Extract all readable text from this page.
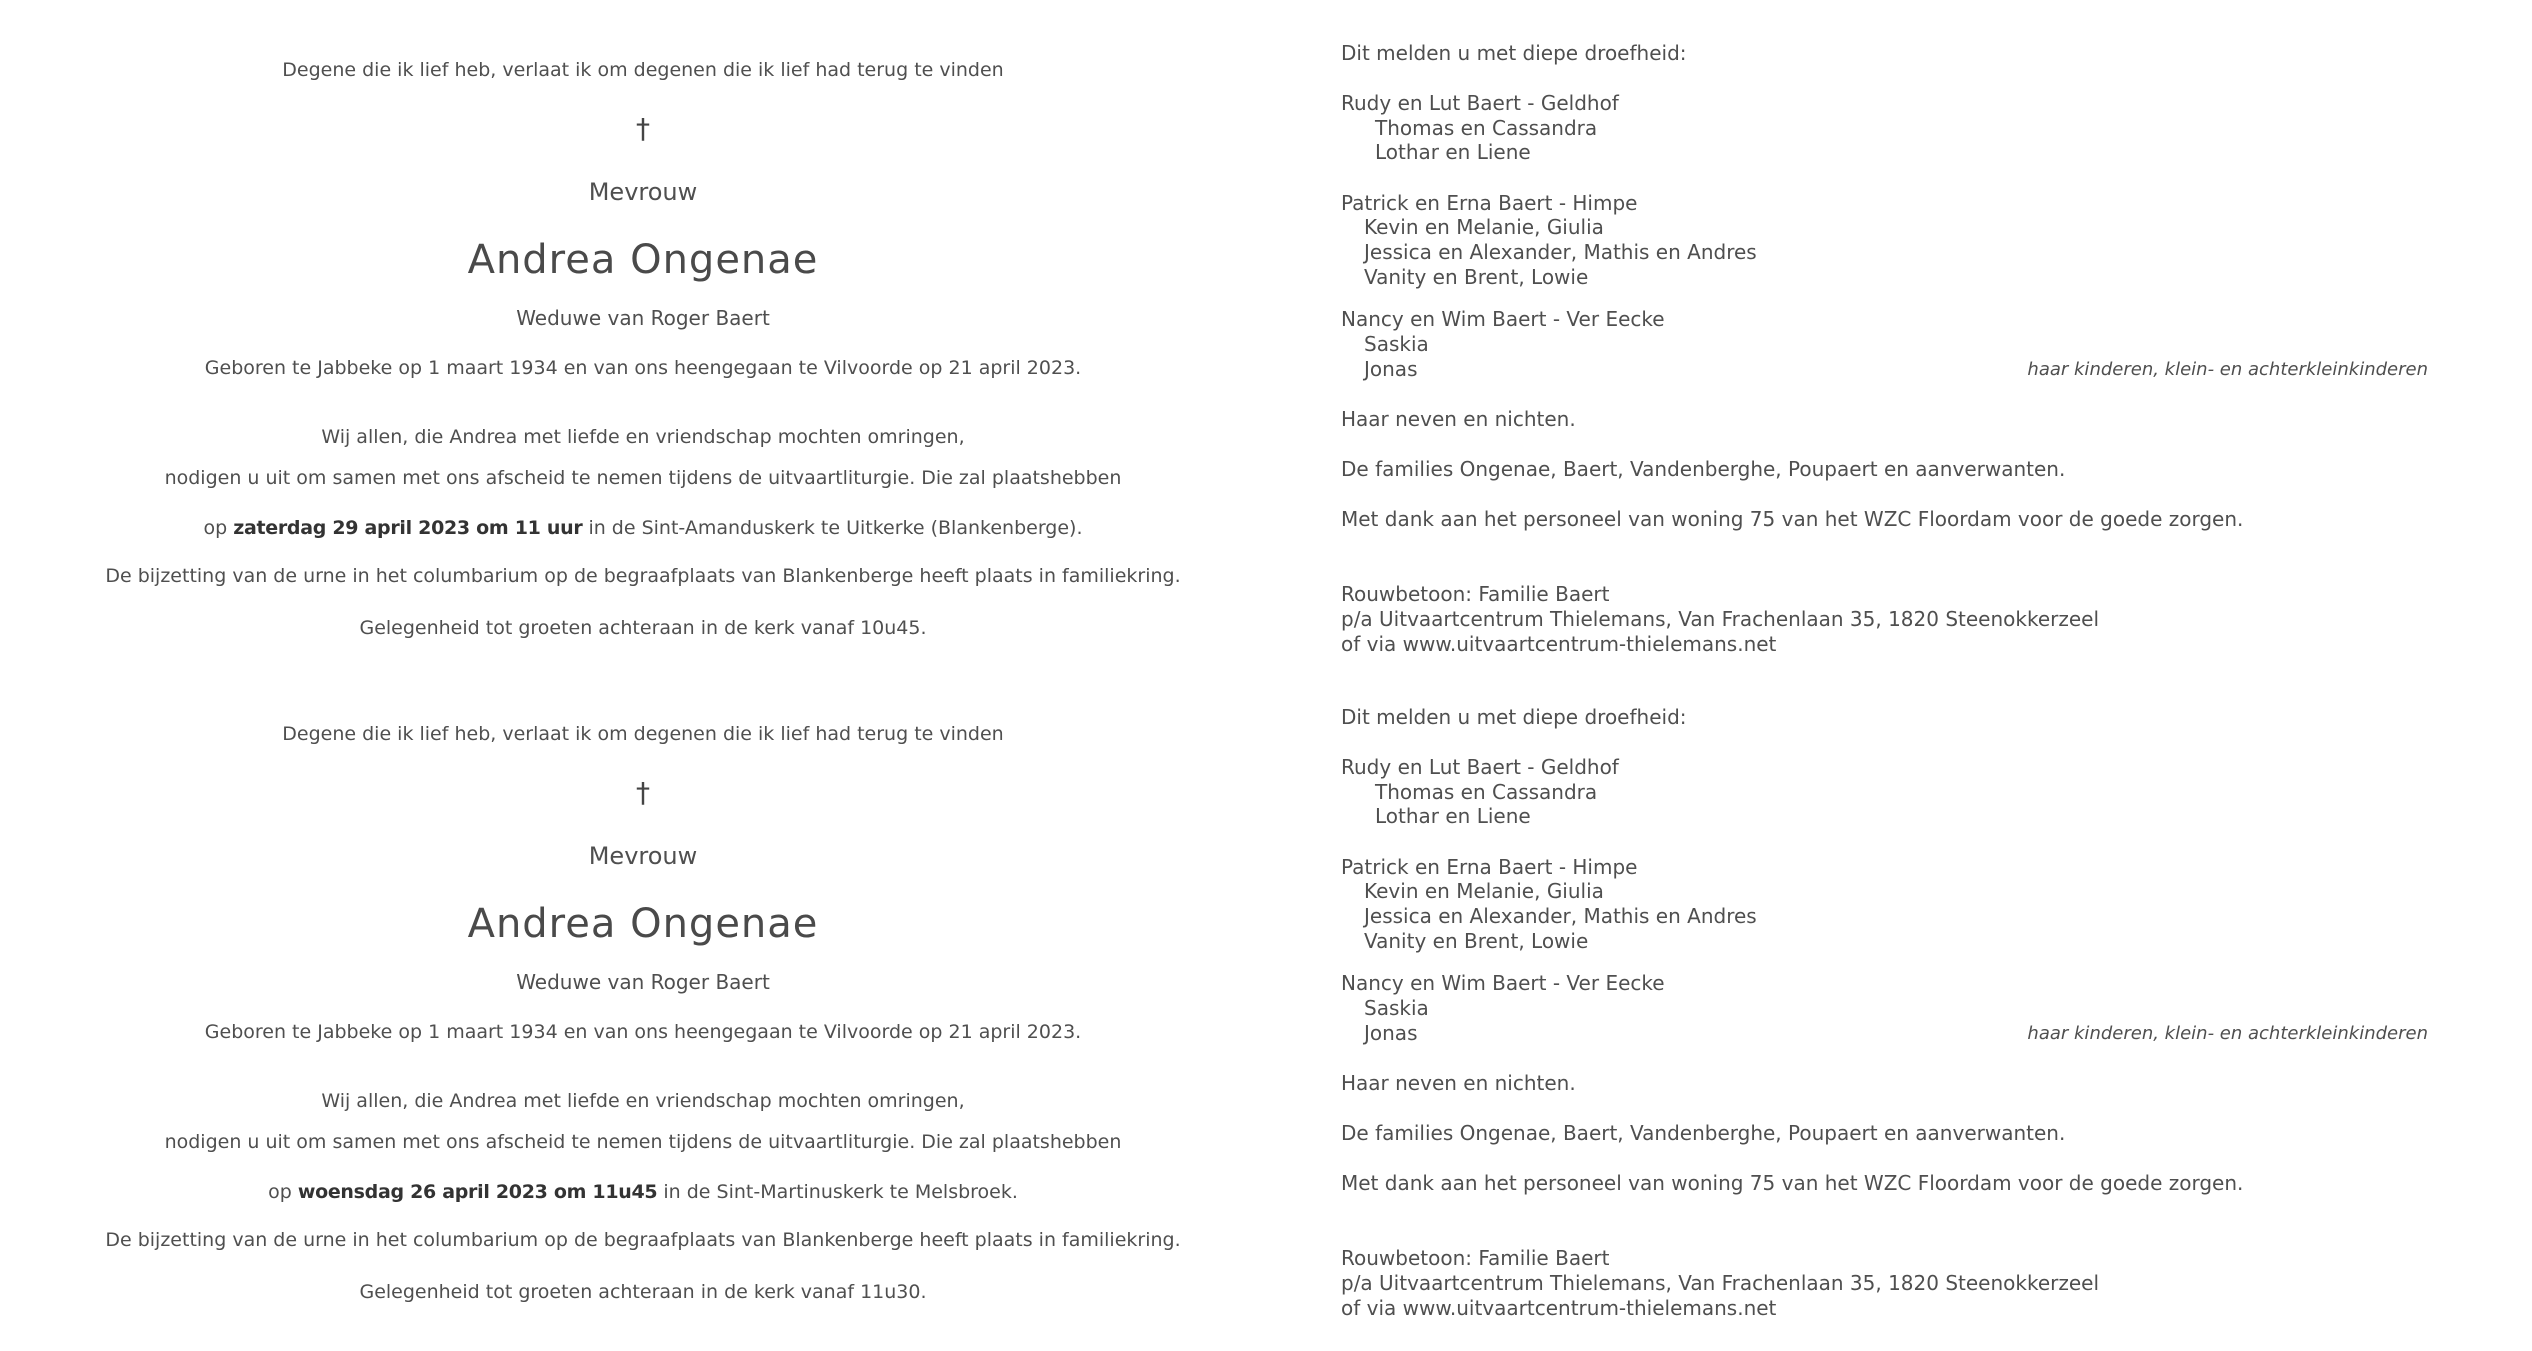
Degene die ik lief heb, verlaat ik om degenen die ik lief had terug te vinden
†
Mevrouw
Andrea Ongenae
Weduwe van Roger Baert
Geboren te Jabbeke op 1 maart 1934 en van ons heengegaan te Vilvoorde op 21 april 2023.
Wij allen, die Andrea met liefde en vriendschap mochten omringen,
nodigen u uit om samen met ons afscheid te nemen tijdens de uitvaartliturgie. Die zal plaatshebben
op zaterdag 29 april 2023 om 11 uur in de Sint-Amanduskerk te Uitkerke (Blankenberge).
De bijzetting van de urne in het columbarium op de begraafplaats van Blankenberge heeft plaats in familiekring.
Gelegenheid tot groeten achteraan in de kerk vanaf 10u45.
Dit melden u met diepe droefheid:
Rudy en Lut Baert - Geldhof
Thomas en Cassandra
Lothar en Liene
Patrick en Erna Baert - Himpe
Kevin en Melanie, Giulia
Jessica en Alexander, Mathis en Andres
Vanity en Brent, Lowie
Nancy en Wim Baert - Ver Eecke
Saskia
Jonas	haar kinderen, klein- en achterkleinkinderen
Haar neven en nichten.
De families Ongenae, Baert, Vandenberghe, Poupaert en aanverwanten.
Met dank aan het personeel van woning 75 van het WZC Floordam voor de goede zorgen.
Rouwbetoon: Familie Baert
p/a Uitvaartcentrum Thielemans, Van Frachenlaan 35, 1820 Steenokkerzeel
of via www.uitvaartcentrum-thielemans.net
Degene die ik lief heb, verlaat ik om degenen die ik lief had terug te vinden
†
Mevrouw
Andrea Ongenae
Weduwe van Roger Baert
Geboren te Jabbeke op 1 maart 1934 en van ons heengegaan te Vilvoorde op 21 april 2023.
Wij allen, die Andrea met liefde en vriendschap mochten omringen,
nodigen u uit om samen met ons afscheid te nemen tijdens de uitvaartliturgie. Die zal plaatshebben
op woensdag 26 april 2023 om 11u45 in de Sint-Martinuskerk te Melsbroek.
De bijzetting van de urne in het columbarium op de begraafplaats van Blankenberge heeft plaats in familiekring.
Gelegenheid tot groeten achteraan in de kerk vanaf 11u30.
Dit melden u met diepe droefheid:
Rudy en Lut Baert - Geldhof
Thomas en Cassandra
Lothar en Liene
Patrick en Erna Baert - Himpe
Kevin en Melanie, Giulia
Jessica en Alexander, Mathis en Andres
Vanity en Brent, Lowie
Nancy en Wim Baert - Ver Eecke
Saskia
Jonas	haar kinderen, klein- en achterkleinkinderen
Haar neven en nichten.
De families Ongenae, Baert, Vandenberghe, Poupaert en aanverwanten.
Met dank aan het personeel van woning 75 van het WZC Floordam voor de goede zorgen.
Rouwbetoon: Familie Baert
p/a Uitvaartcentrum Thielemans, Van Frachenlaan 35, 1820 Steenokkerzeel
of via www.uitvaartcentrum-thielemans.net
